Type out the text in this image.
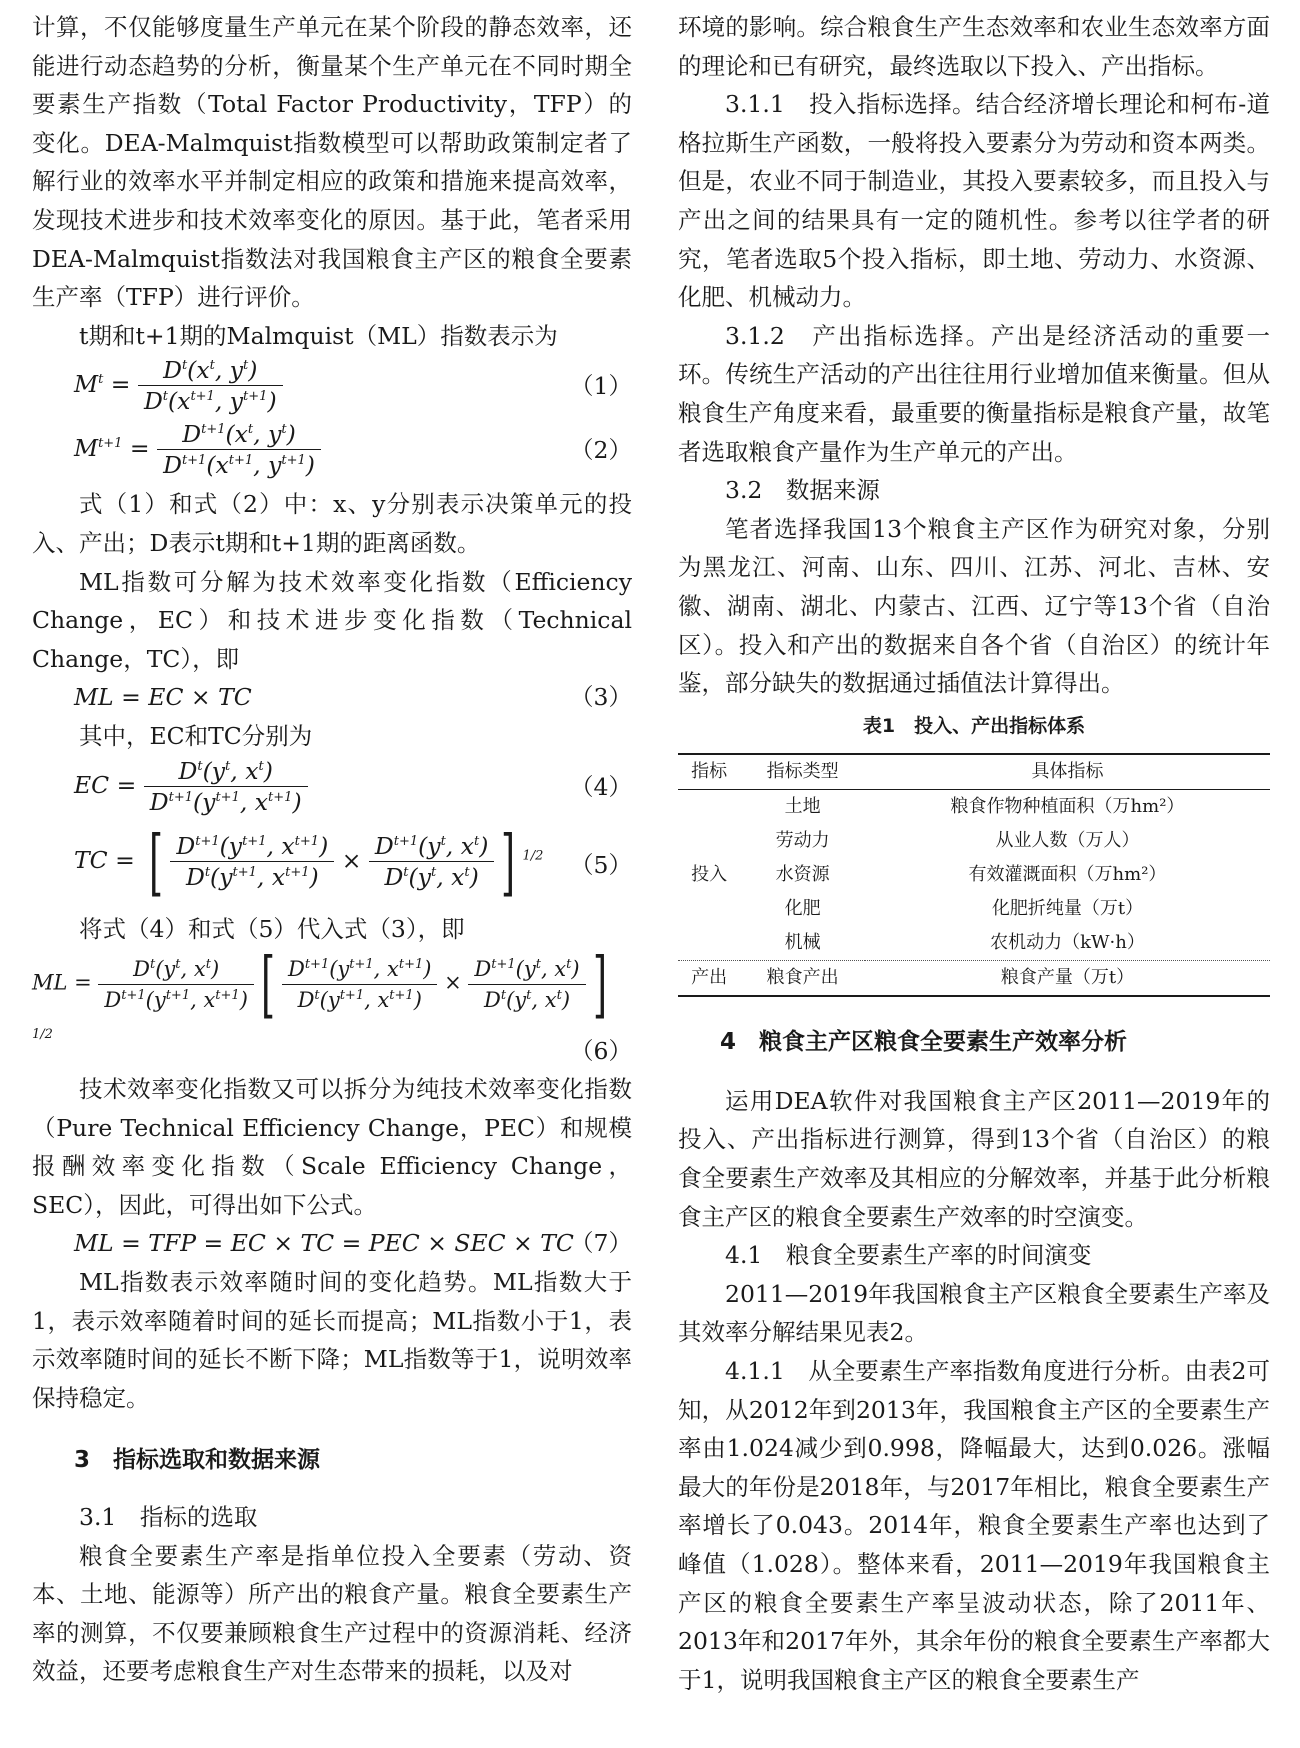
计算，不仅能够度量生产单元在某个阶段的静态效率，还能进行动态趋势的分析，衡量某个生产单元在不同时期全要素生产指数（Total Factor Productivity，TFP）的变化。DEA-Malmquist指数模型可以帮助政策制定者了解行业的效率水平并制定相应的政策和措施来提高效率，发现技术进步和技术效率变化的原因。基于此，笔者采用DEA-Malmquist指数法对我国粮食主产区的粮食全要素生产率（TFP）进行评价。

t期和t+1期的Malmquist（ML）指数表示为

$M^t = \frac{D^t(x^t, y^t)}{D^t(x^{t+1}, y^{t+1})}$	（1）
$M^{t+1} = \frac{D^{t+1}(x^t, y^t)}{D^{t+1}(x^{t+1}, y^{t+1})}$	（2）

式（1）和式（2）中：x、y分别表示决策单元的投入、产出；D表示t期和t+1期的距离函数。

ML指数可分解为技术效率变化指数（Efficiency Change，EC）和技术进步变化指数（Technical Change，TC），即

ML = EC × TC	（3）

其中，EC和TC分别为

EC = $\frac{D^t(y^t, x^t)}{D^{t+1}(y^{t+1}, x^{t+1})}$	（4）
TC = [ $\frac{D^{t+1}(y^{t+1}, x^{t+1})}{D^t(y^{t+1}, x^{t+1})} \times \frac{D^{t+1}(y^t, x^t)}{D^t(y^t, x^t)}$ ] $^{1/2}$ （5）

将式（4）和式（5）代入式（3），即

ML = $\frac{D^t(y^t, x^t)}{D^{t+1}(y^{t+1}, x^{t+1})}$ [ $\frac{D^{t+1}(y^{t+1}, x^{t+1})}{D^t(y^{t+1}, x^{t+1})} \times \frac{D^{t+1}(y^t, x^t)}{D^t(y^t, x^t)} ]^{1/2}$
（6）

技术效率变化指数又可以拆分为纯技术效率变化指数（Pure Technical Efficiency Change，PEC）和规模报酬效率变化指数（Scale Efficiency Change，SEC），因此，可得出如下公式。

ML = TFP = EC × TC = PEC × SEC × TC
（7）

ML指数表示效率随时间的变化趋势。ML指数大于1，表示效率随着时间的延长而提高；ML指数小于1，表示效率随时间的延长不断下降；ML指数等于1，说明效率保持稳定。

3　指标选取和数据来源

3.1　指标的选取

粮食全要素生产率是指单位投入全要素（劳动、资本、土地、能源等）所产出的粮食产量。粮食全要素生产率的测算，不仅要兼顾粮食生产过程中的资源消耗、经济效益，还要考虑粮食生产对生态带来的损耗，以及对

环境的影响。综合粮食生产生态效率和农业生态效率方面的理论和已有研究，最终选取以下投入、产出指标。

3.1.1　投入指标选择。结合经济增长理论和柯布-道格拉斯生产函数，一般将投入要素分为劳动和资本两类。但是，农业不同于制造业，其投入要素较多，而且投入与产出之间的结果具有一定的随机性。参考以往学者的研究，笔者选取5个投入指标，即土地、劳动力、水资源、化肥、机械动力。

3.1.2　产出指标选择。产出是经济活动的重要一环。传统生产活动的产出往往用行业增加值来衡量。但从粮食生产角度来看，最重要的衡量指标是粮食产量，故笔者选取粮食产量作为生产单元的产出。

3.2　数据来源

笔者选择我国13个粮食主产区作为研究对象，分别为黑龙江、河南、山东、四川、江苏、河北、吉林、安徽、湖南、湖北、内蒙古、江西、辽宁等13个省（自治区）。投入和产出的数据来自各个省（自治区）的统计年鉴，部分缺失的数据通过插值法计算得出。

表1　投入、产出指标体系
指标	指标类型	具体指标
投入	土地	粮食作物种植面积（万hm²）
	劳动力	从业人数（万人）
	水资源	有效灌溉面积（万hm²）
	化肥	化肥折纯量（万t）
	机械	农机动力（kW·h）
产出	粮食产出	粮食产量（万t）

4　粮食主产区粮食全要素生产效率分析

运用DEA软件对我国粮食主产区2011—2019年的投入、产出指标进行测算，得到13个省（自治区）的粮食全要素生产效率及其相应的分解效率，并基于此分析粮食主产区的粮食全要素生产效率的时空演变。

4.1　粮食全要素生产率的时间演变

2011—2019年我国粮食主产区粮食全要素生产率及其效率分解结果见表2。

4.1.1　从全要素生产率指数角度进行分析。由表2可知，从2012年到2013年，我国粮食主产区的全要素生产率由1.024减少到0.998，降幅最大，达到0.026。涨幅最大的年份是2018年，与2017年相比，粮食全要素生产率增长了0.043。2014年，粮食全要素生产率也达到了峰值（1.028）。整体来看，2011—2019年我国粮食主产区的粮食全要素生产率呈波动状态，除了2011年、2013年和2017年外，其余年份的粮食全要素生产率都大于1，说明我国粮食主产区的粮食全要素生产
